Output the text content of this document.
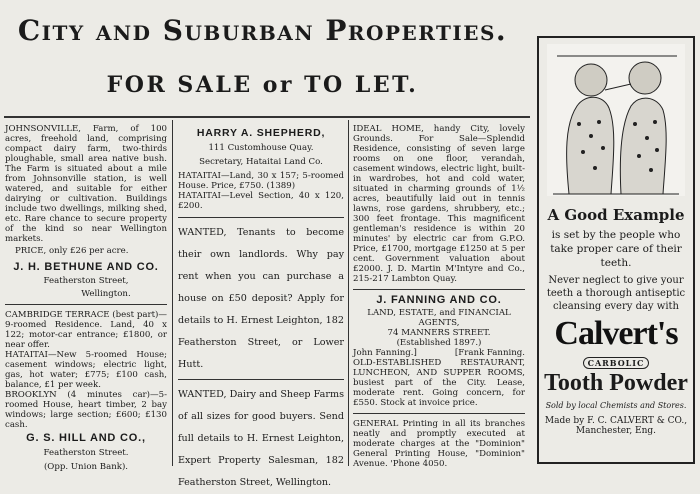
City and Suburban Properties.
FOR SALE or TO LET.

JOHNSONVILLE, Farm, of 100 acres, freehold land, comprising compact dairy farm, two-thirds ploughable, small area native bush. The Farm is situated about a mile from Johnsonville station, is well watered, and suitable for either dairying or cultivation. Buildings include two dwellings, milking shed, etc. Rare chance to secure property of the kind so near Wellington markets.

PRICE, only £26 per acre.

J. H. BETHUNE AND CO.

Featherston Street,

Wellington.

CAMBRIDGE TERRACE (best part)—9-roomed Residence. Land, 40 x 122; motor-car entrance; £1800, or near offer.

HATAITAI—New 5-roomed House; casement windows; electric light, gas, hot water; £775; £100 cash, balance, £1 per week.

BROOKLYN (4 minutes car)—5-roomed House, heart timber, 2 bay windows; large section; £600; £130 cash.

G. S. HILL AND CO.,

Featherston Street.

(Opp. Union Bank).

HARRY A. SHEPHERD,

111 Customhouse Quay.

Secretary, Hataitai Land Co.

HATAITAI—Land, 30 x 157; 5-roomed House. Price, £750. (1389)

HATAITAI—Level Section, 40 x 120, £200.

WANTED, Tenants to become their own landlords. Why pay rent when you can purchase a house on £50 deposit? Apply for details to H. Ernest Leighton, 182 Featherston Street, or Lower Hutt.

WANTED, Dairy and Sheep Farms of all sizes for good buyers. Send full details to H. Ernest Leighton, Expert Property Salesman, 182 Featherston Street, Wellington.

IDEAL HOME, handy City, lovely Grounds. For Sale—Splendid Residence, consisting of seven large rooms on one floor, verandah, casement windows, electric light, built-in wardrobes, hot and cold water, situated in charming grounds of 1½ acres, beautifully laid out in tennis lawns, rose gardens, shrubbery, etc.; 300 feet frontage. This magnificent gentleman's residence is within 20 minutes' by electric car from G.P.O. Price, £1700, mortgage £1250 at 5 per cent. Government valuation about £2000. J. D. Martin M'Intyre and Co., 215-217 Lambton Quay.

J. FANNING AND CO.

LAND, ESTATE, and FINANCIAL AGENTS,

74 MANNERS STREET.

(Established 1897.)

John Fanning.]	[Frank Fanning.

OLD-ESTABLISHED RESTAURANT, LUNCHEON, AND SUPPER ROOMS, busiest part of the City. Lease, moderate rent. Going concern, for £550. Stock at invoice price.

GENERAL Printing in all its branches neatly and promptly executed at moderate charges at the "Dominion" General Printing House, "Dominion" Avenue. 'Phone 4050.

A Good Example
is set by the people who take proper care of their teeth.
Never neglect to give your teeth a thorough antiseptic cleansing every day with
Calvert's
CARBOLIC
Tooth Powder
Sold by local Chemists and Stores.
Made by F. C. CALVERT & CO.,
Manchester, Eng.
